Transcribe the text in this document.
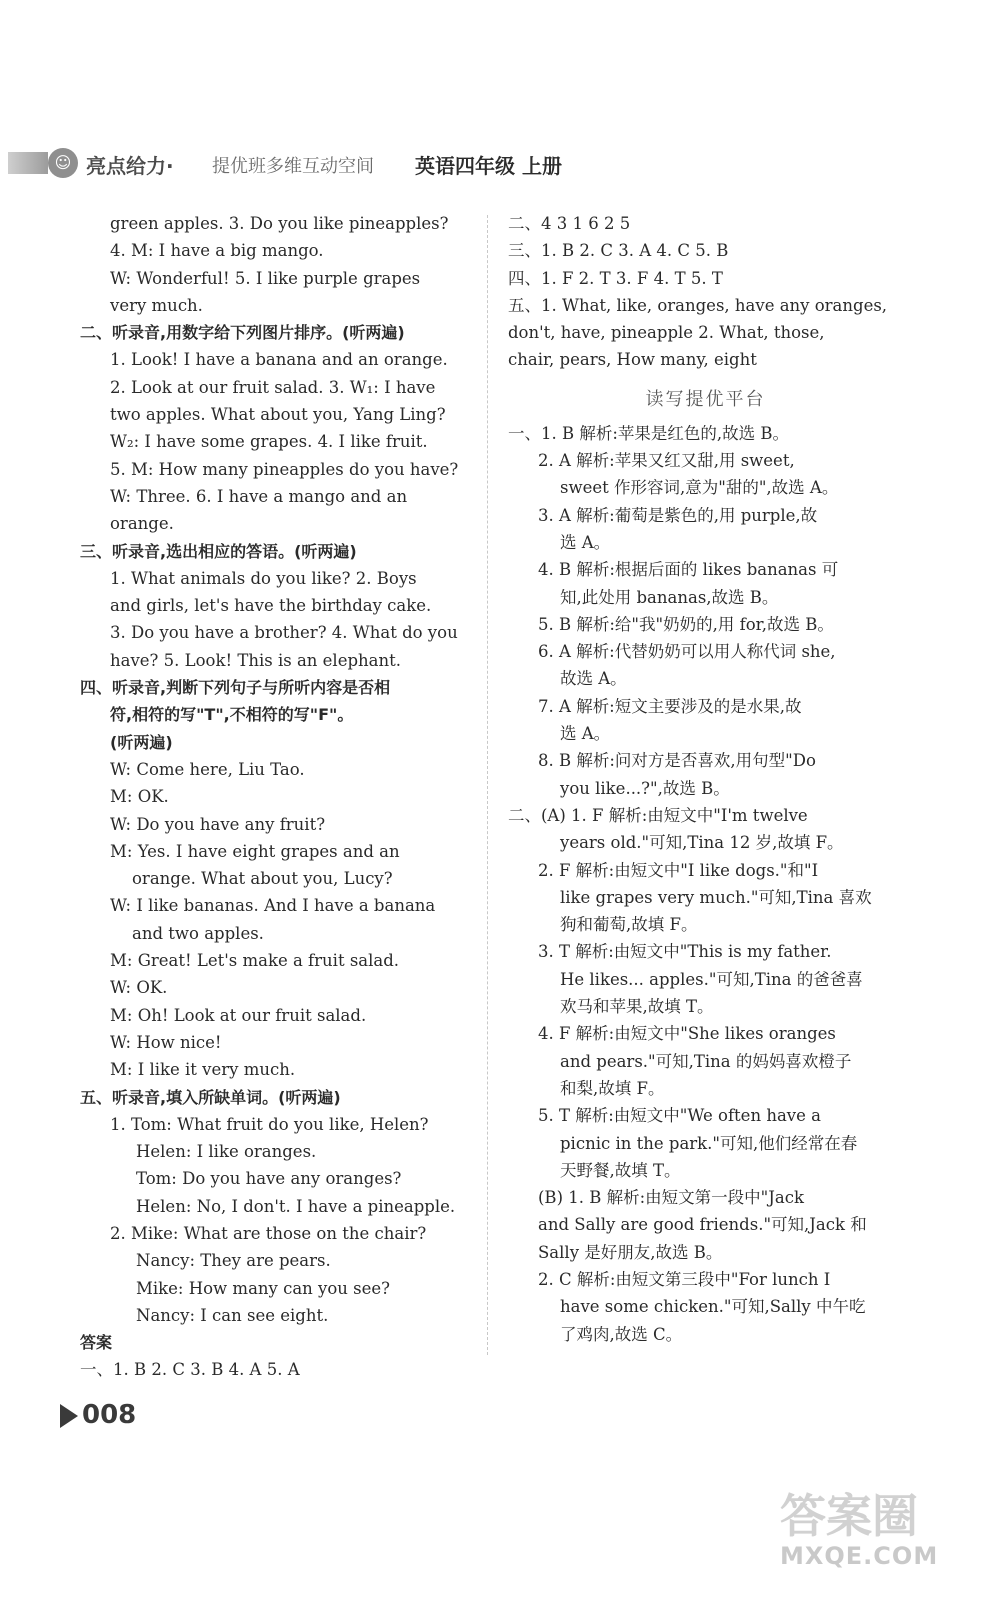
☺ 亮点给力· 提优班多维互动空间 英语四年级 上册
green apples. 3. Do you like pineapples?
4. M: I have a big mango.
W: Wonderful! 5. I like purple grapes
very much.
二、听录音,用数字给下列图片排序。(听两遍)
1. Look! I have a banana and an orange.
2. Look at our fruit salad. 3. W₁: I have
two apples. What about you, Yang Ling?
W₂: I have some grapes. 4. I like fruit.
5. M: How many pineapples do you have?
W: Three. 6. I have a mango and an
orange.
三、听录音,选出相应的答语。(听两遍)
1. What animals do you like? 2. Boys
and girls, let's have the birthday cake.
3. Do you have a brother? 4. What do you
have? 5. Look! This is an elephant.
四、听录音,判断下列句子与所听内容是否相
符,相符的写"T",不相符的写"F"。
(听两遍)
W: Come here, Liu Tao.
M: OK.
W: Do you have any fruit?
M: Yes. I have eight grapes and an
orange. What about you, Lucy?
W: I like bananas. And I have a banana
and two apples.
M: Great! Let's make a fruit salad.
W: OK.
M: Oh! Look at our fruit salad.
W: How nice!
M: I like it very much.
五、听录音,填入所缺单词。(听两遍)
1. Tom: What fruit do you like, Helen?
Helen: I like oranges.
Tom: Do you have any oranges?
Helen: No, I don't. I have a pineapple.
2. Mike: What are those on the chair?
Nancy: They are pears.
Mike: How many can you see?
Nancy: I can see eight.
答案
一、1. B 2. C 3. B 4. A 5. A
二、4 3 1 6 2 5
三、1. B 2. C 3. A 4. C 5. B
四、1. F 2. T 3. F 4. T 5. T
五、1. What, like, oranges, have any oranges,
don't, have, pineapple 2. What, those,
chair, pears, How many, eight
读写提优平台
一、1. B 解析:苹果是红色的,故选 B。
2. A 解析:苹果又红又甜,用 sweet,
sweet 作形容词,意为"甜的",故选 A。
3. A 解析:葡萄是紫色的,用 purple,故
选 A。
4. B 解析:根据后面的 likes bananas 可
知,此处用 bananas,故选 B。
5. B 解析:给"我"奶奶的,用 for,故选 B。
6. A 解析:代替奶奶可以用人称代词 she,
故选 A。
7. A 解析:短文主要涉及的是水果,故
选 A。
8. B 解析:问对方是否喜欢,用句型"Do
you like...?",故选 B。
二、(A) 1. F 解析:由短文中"I'm twelve
years old."可知,Tina 12 岁,故填 F。
2. F 解析:由短文中"I like dogs."和"I
like grapes very much."可知,Tina 喜欢
狗和葡萄,故填 F。
3. T 解析:由短文中"This is my father.
He likes... apples."可知,Tina 的爸爸喜
欢马和苹果,故填 T。
4. F 解析:由短文中"She likes oranges
and pears."可知,Tina 的妈妈喜欢橙子
和梨,故填 F。
5. T 解析:由短文中"We often have a
picnic in the park."可知,他们经常在春
天野餐,故填 T。
(B) 1. B 解析:由短文第一段中"Jack
and Sally are good friends."可知,Jack 和
Sally 是好朋友,故选 B。
2. C 解析:由短文第三段中"For lunch I
have some chicken."可知,Sally 中午吃
了鸡肉,故选 C。
008
答案圈
MXQE.COM
